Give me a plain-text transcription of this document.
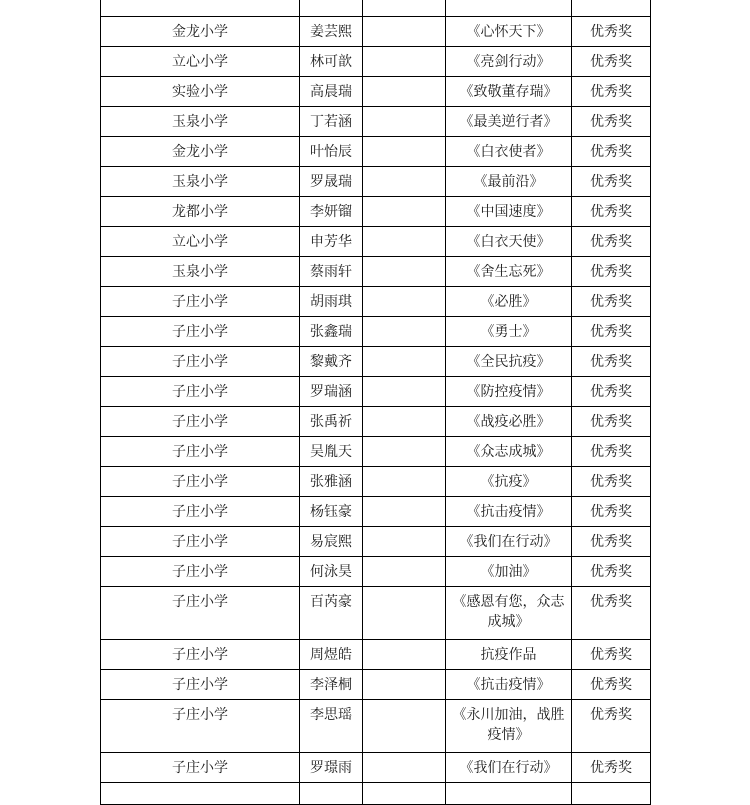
金龙小学	姜芸熙		《心怀天下》	优秀奖
立心小学	林可歆		《亮剑行动》	优秀奖
实验小学	高晨瑞		《致敬董存瑞》	优秀奖
玉泉小学	丁若涵		《最美逆行者》	优秀奖
金龙小学	叶怡辰		《白衣使者》	优秀奖
玉泉小学	罗晟瑞		《最前沿》	优秀奖
龙都小学	李妍镏		《中国速度》	优秀奖
立心小学	申芳华		《白衣天使》	优秀奖
玉泉小学	蔡雨轩		《舍生忘死》	优秀奖
子庄小学	胡雨琪		《必胜》	优秀奖
子庄小学	张鑫瑞		《勇士》	优秀奖
子庄小学	黎戴齐		《全民抗疫》	优秀奖
子庄小学	罗瑞涵		《防控疫情》	优秀奖
子庄小学	张禹祈		《战疫必胜》	优秀奖
子庄小学	吴胤天		《众志成城》	优秀奖
子庄小学	张雅涵		《抗疫》	优秀奖
子庄小学	杨钰豪		《抗击疫情》	优秀奖
子庄小学	易宸熙		《我们在行动》	优秀奖
子庄小学	何泳昊		《加油》	优秀奖
子庄小学	百芮豪		《感恩有您，众志成城》	优秀奖
子庄小学	周煜皓		抗疫作品	优秀奖
子庄小学	李泽桐		《抗击疫情》	优秀奖
子庄小学	李思瑶		《永川加油，战胜疫情》	优秀奖
子庄小学	罗璟雨		《我们在行动》	优秀奖
